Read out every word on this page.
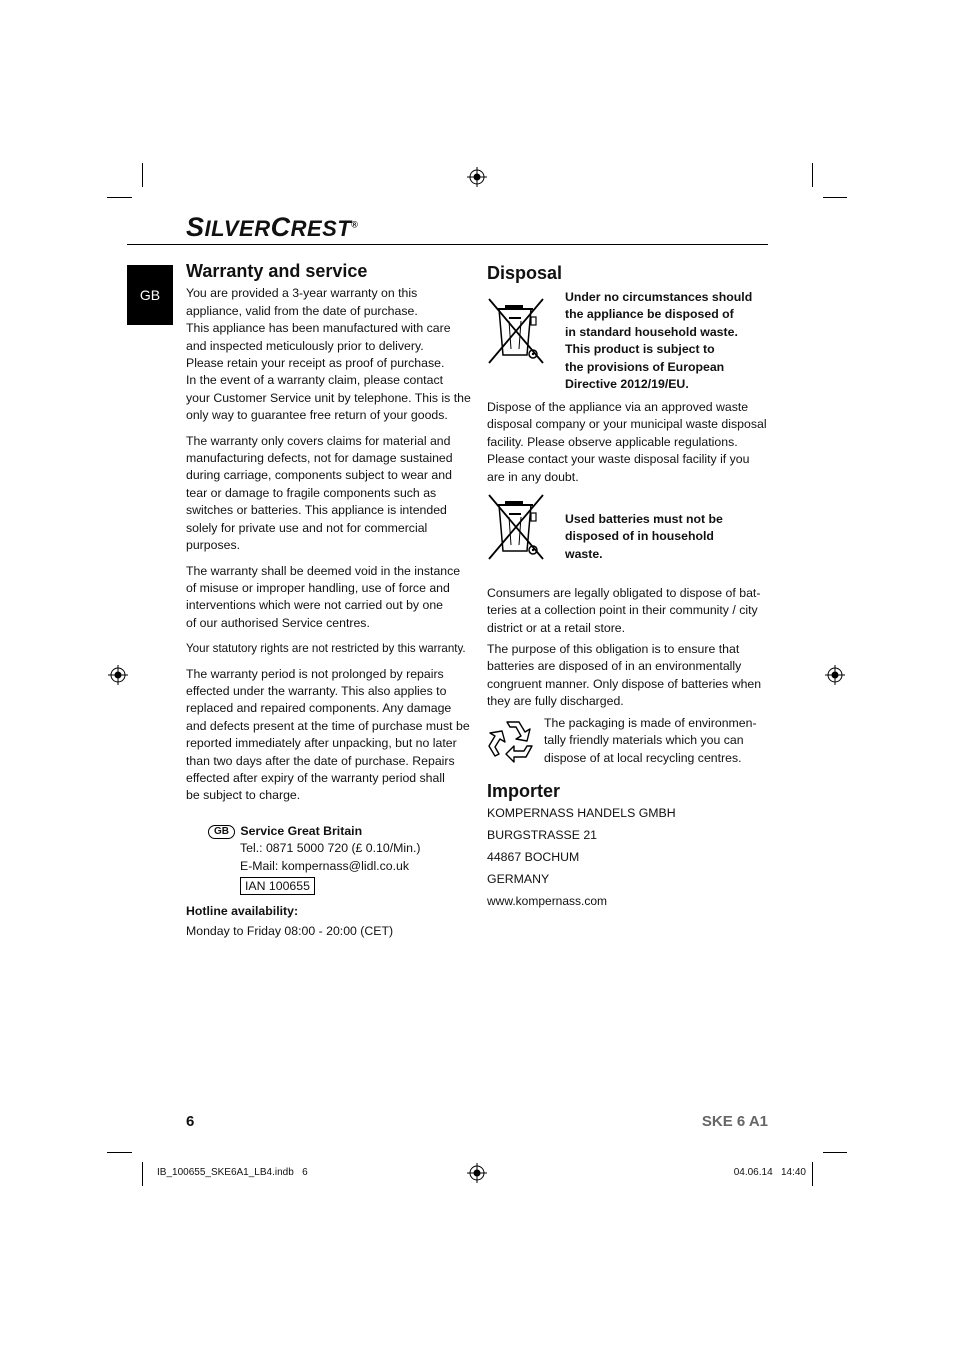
SILVERCREST®
GB
Warranty and service

You are provided a 3-year warranty on this
appliance, valid from the date of purchase.
This appliance has been manufactured with care
and inspected meticulously prior to delivery.
Please retain your receipt as proof of purchase.
In the event of a warranty claim, please contact
your Customer Service unit by telephone. This is the
only way to guarantee free return of your goods.

The warranty only covers claims for material and
manufacturing defects, not for damage sustained
during carriage, components subject to wear and
tear or damage to fragile components such as
switches or batteries. This appliance is intended
solely for private use and not for commercial
purposes.

The warranty shall be deemed void in the instance
of misuse or improper handling, use of force and
interventions which were not carried out by one
of our authorised Service centres.

Your statutory rights are not restricted by this warranty.

The warranty period is not prolonged by repairs
effected under the warranty. This also applies to
replaced and repaired components. Any damage
and defects present at the time of purchase must be
reported immediately after unpacking, but no later
than two days after the date of purchase. Repairs
effected after expiry of the warranty period shall
be subject to charge.

GB Service Great Britain
Tel.: 0871 5000 720 (£ 0.10/Min.)
E-Mail: kompernass@lidl.co.uk
IAN 100655
Hotline availability:
Monday to Friday 08:00 - 20:00 (CET)
Disposal
Under no circumstances should
the appliance be disposed of
in standard household waste.
This product is subject to
the provisions of European
Directive 2012/19/EU.
Dispose of the appliance via an approved waste
disposal company or your municipal waste disposal
facility. Please observe applicable regulations.
Please contact your waste disposal facility if you
are in any doubt.
Used batteries must not be
disposed of in household
waste.
Consumers are legally obligated to dispose of bat-
teries at a collection point in their community / city
district or at a retail store.
The purpose of this obligation is to ensure that
batteries are disposed of in an environmentally
congruent manner. Only dispose of batteries when
they are fully discharged.
The packaging is made of environmen-
tally friendly materials which you can
dispose of at local recycling centres.
Importer
KOMPERNASS HANDELS GMBH
BURGSTRASSE 21
44867 BOCHUM
GERMANY
www.kompernass.com
6	SKE 6 A1
IB_100655_SKE6A1_LB4.indb   6	04.06.14   14:40
